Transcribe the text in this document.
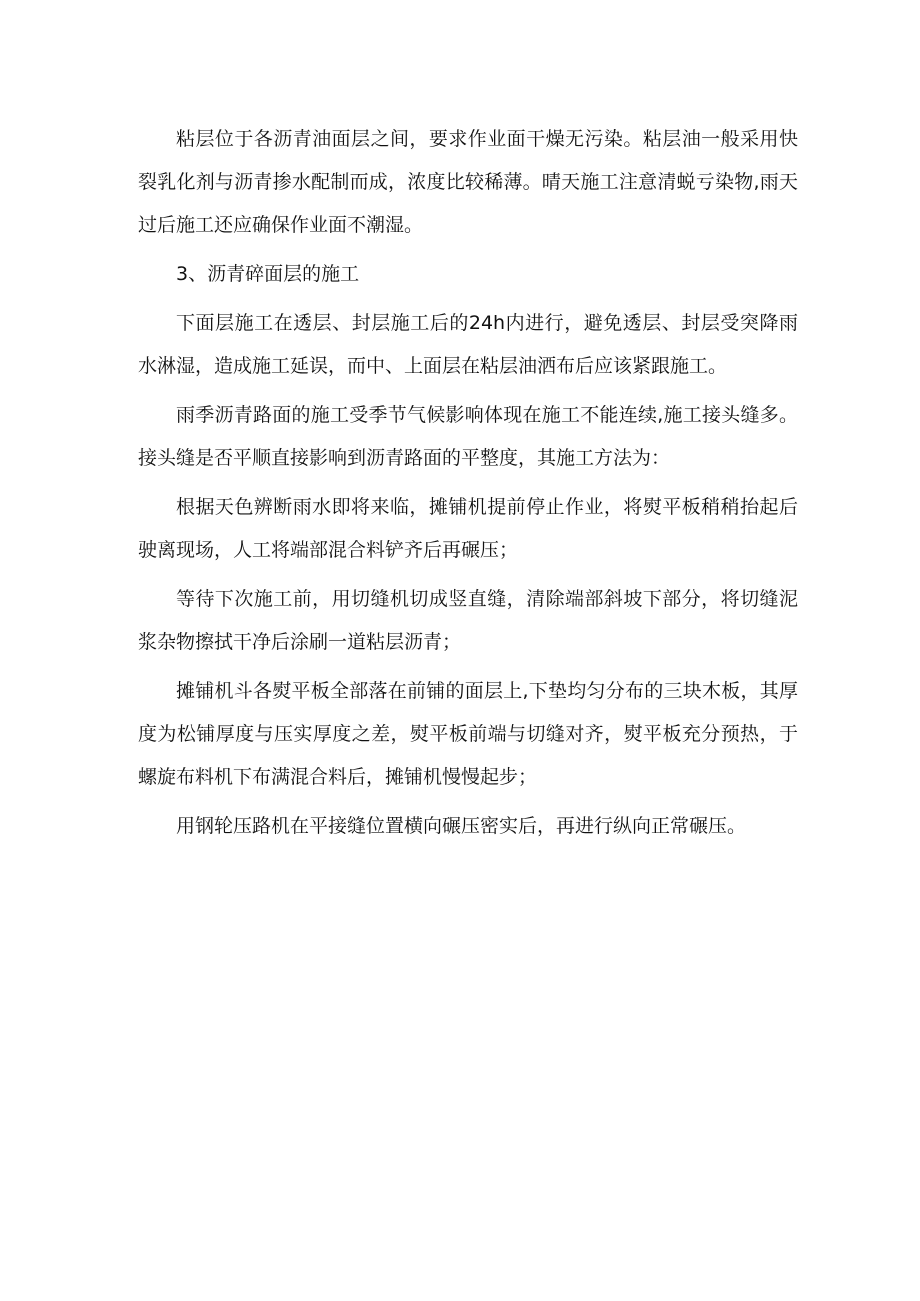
粘层位于各沥青油面层之间，要求作业面干燥无污染。粘层油一般采用快裂乳化剂与沥青掺水配制而成，浓度比较稀薄。晴天施工注意清蜕亏染物,雨天过后施工还应确保作业面不潮湿。

3、沥青碎面层的施工

下面层施工在透层、封层施工后的24h内进行，避免透层、封层受突降雨水淋湿，造成施工延误，而中、上面层在粘层油洒布后应该紧跟施工。

雨季沥青路面的施工受季节气候影响体现在施工不能连续,施工接头缝多。接头缝是否平顺直接影响到沥青路面的平整度，其施工方法为：

根据天色辨断雨水即将来临，摊铺机提前停止作业，将熨平板稍稍抬起后驶离现场，人工将端部混合料铲齐后再碾压；

等待下次施工前，用切缝机切成竖直缝，清除端部斜坡下部分，将切缝泥浆杂物擦拭干净后涂刷一道粘层沥青；

摊铺机斗各熨平板全部落在前铺的面层上,下垫均匀分布的三块木板，其厚度为松铺厚度与压实厚度之差，熨平板前端与切缝对齐，熨平板充分预热，于螺旋布料机下布满混合料后，摊铺机慢慢起步；

用钢轮压路机在平接缝位置横向碾压密实后，再进行纵向正常碾压。
